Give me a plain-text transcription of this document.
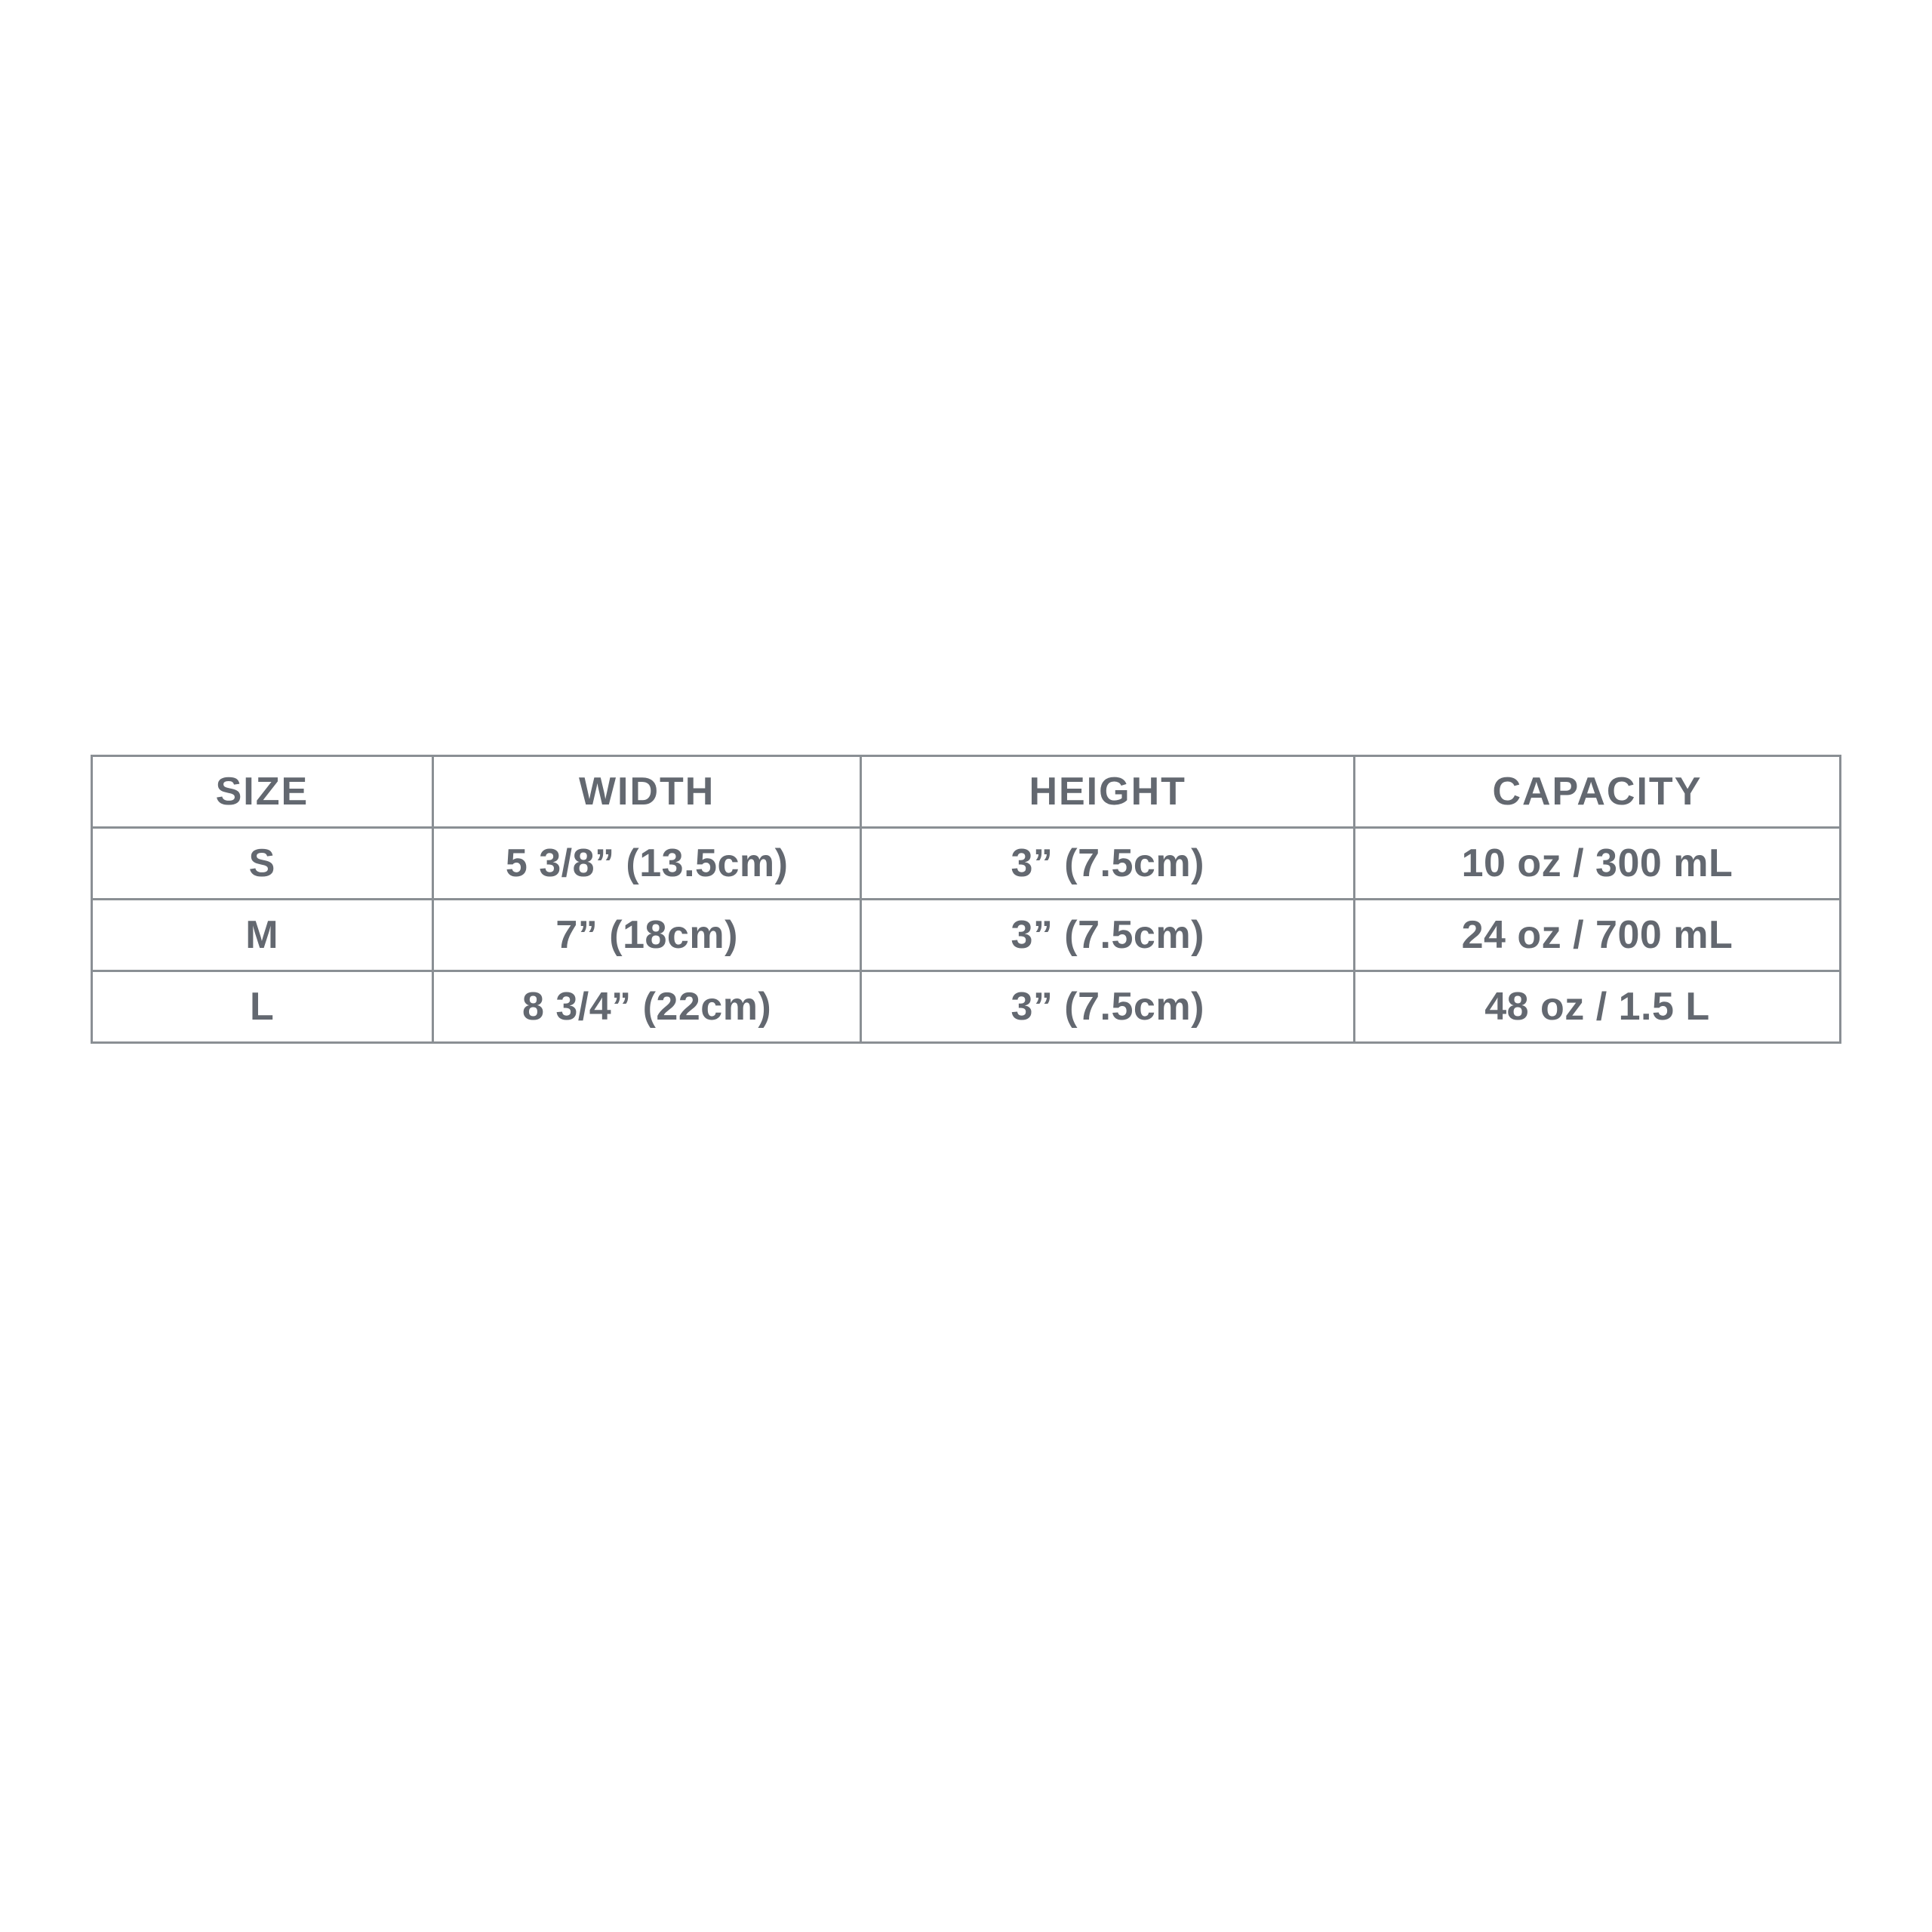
SIZE	WIDTH	HEIGHT	CAPACITY
S	5 3/8” (13.5cm)	3” (7.5cm)	10 oz / 300 mL
M	7” (18cm)	3” (7.5cm)	24 oz / 700 mL
L	8 3/4” (22cm)	3” (7.5cm)	48 oz / 1.5 L
